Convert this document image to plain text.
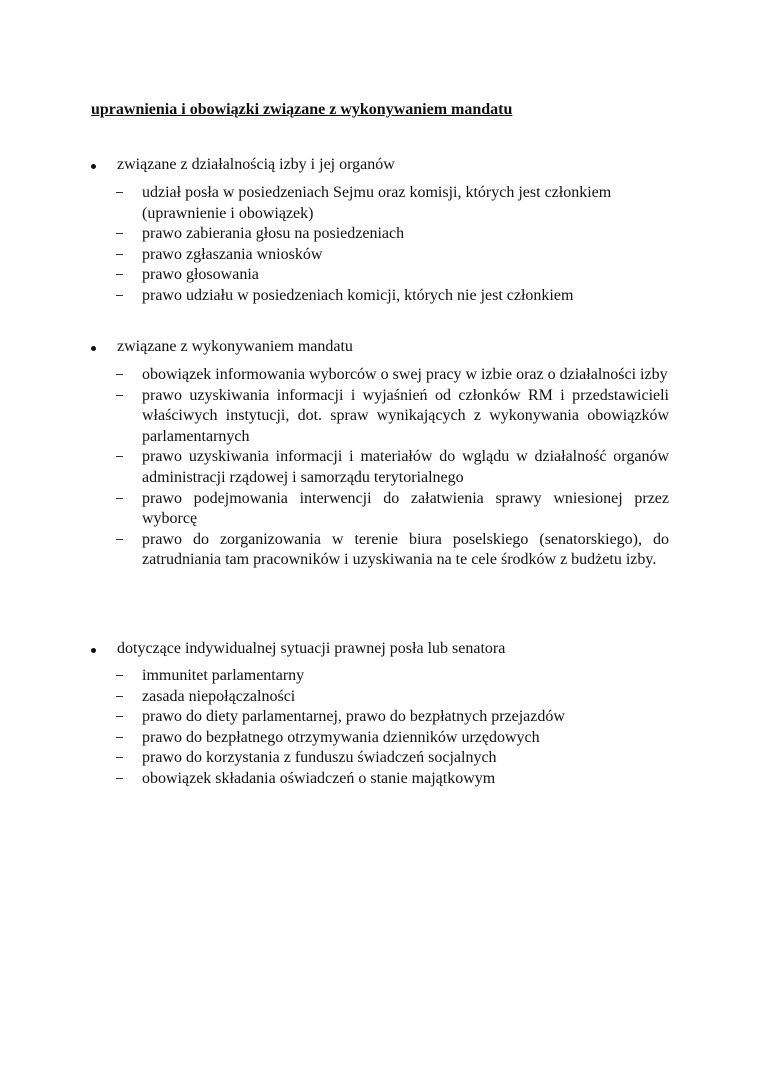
uprawnienia i obowiązki związane z wykonywaniem mandatu
związane z działalnością izby i jej organów
udział posła w posiedzeniach Sejmu oraz komisji, których jest członkiem (uprawnienie i obowiązek)
prawo zabierania głosu na posiedzeniach
prawo zgłaszania wniosków
prawo głosowania
prawo udziału w posiedzeniach komicji, których nie jest członkiem
związane z wykonywaniem mandatu
obowiązek informowania wyborców o swej pracy w izbie oraz o działalności izby
prawo uzyskiwania informacji i wyjaśnień od członków RM i przedstawicieli właściwych instytucji, dot. spraw wynikających z wykonywania obowiązków parlamentarnych
prawo uzyskiwania informacji i materiałów do wglądu w działalność organów administracji rządowej i samorządu terytorialnego
prawo podejmowania interwencji do załatwienia sprawy wniesionej przez wyborcę
prawo do zorganizowania w terenie biura poselskiego (senatorskiego), do zatrudniania tam pracowników i uzyskiwania na te cele środków z budżetu izby.
dotyczące indywidualnej sytuacji prawnej posła lub senatora
immunitet parlamentarny
zasada niepołączalności
prawo do diety parlamentarnej, prawo do bezpłatnych przejazdów
prawo do bezpłatnego otrzymywania dzienników urzędowych
prawo do korzystania z funduszu świadczeń socjalnych
obowiązek składania oświadczeń o stanie majątkowym
